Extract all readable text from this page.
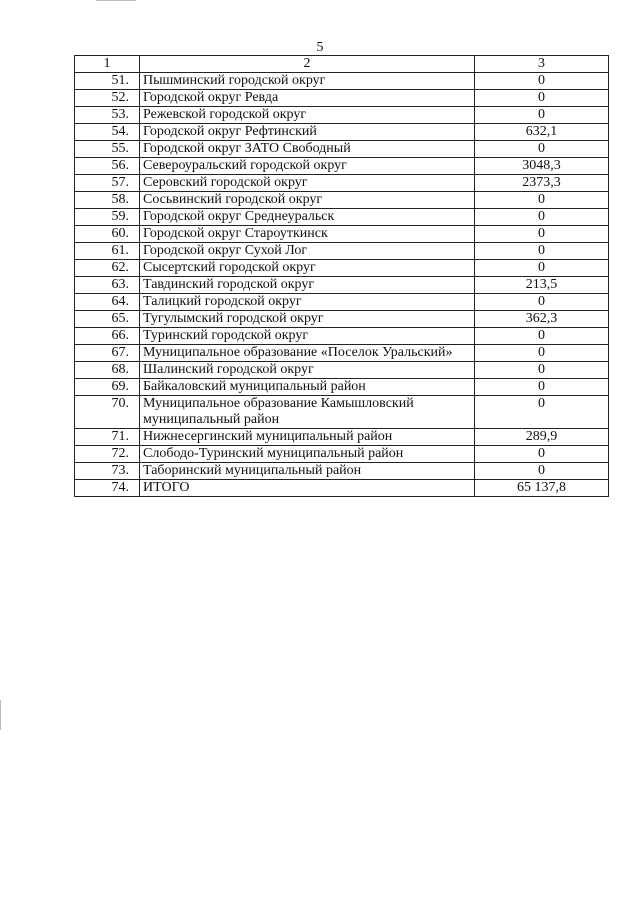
5
1	2	3
51.	Пышминский городской округ	0
52.	Городской округ Ревда	0
53.	Режевской городской округ	0
54.	Городской округ Рефтинский	632,1
55.	Городской округ ЗАТО Свободный	0
56.	Североуральский городской округ	3048,3
57.	Серовский городской округ	2373,3
58.	Сосьвинский городской округ	0
59.	Городской округ Среднеуральск	0
60.	Городской округ Староуткинск	0
61.	Городской округ Сухой Лог	0
62.	Сысертский городской округ	0
63.	Тавдинский городской округ	213,5
64.	Талицкий городской округ	0
65.	Тугулымский городской округ	362,3
66.	Туринский городской округ	0
67.	Муниципальное образование «Поселок Уральский»	0
68.	Шалинский городской округ	0
69.	Байкаловский муниципальный район	0
70.	Муниципальное образование Камышловский муниципальный район	0
71.	Нижнесергинский муниципальный район	289,9
72.	Слободо-Туринский муниципальный район	0
73.	Таборинский муниципальный район	0
74.	ИТОГО	65 137,8
